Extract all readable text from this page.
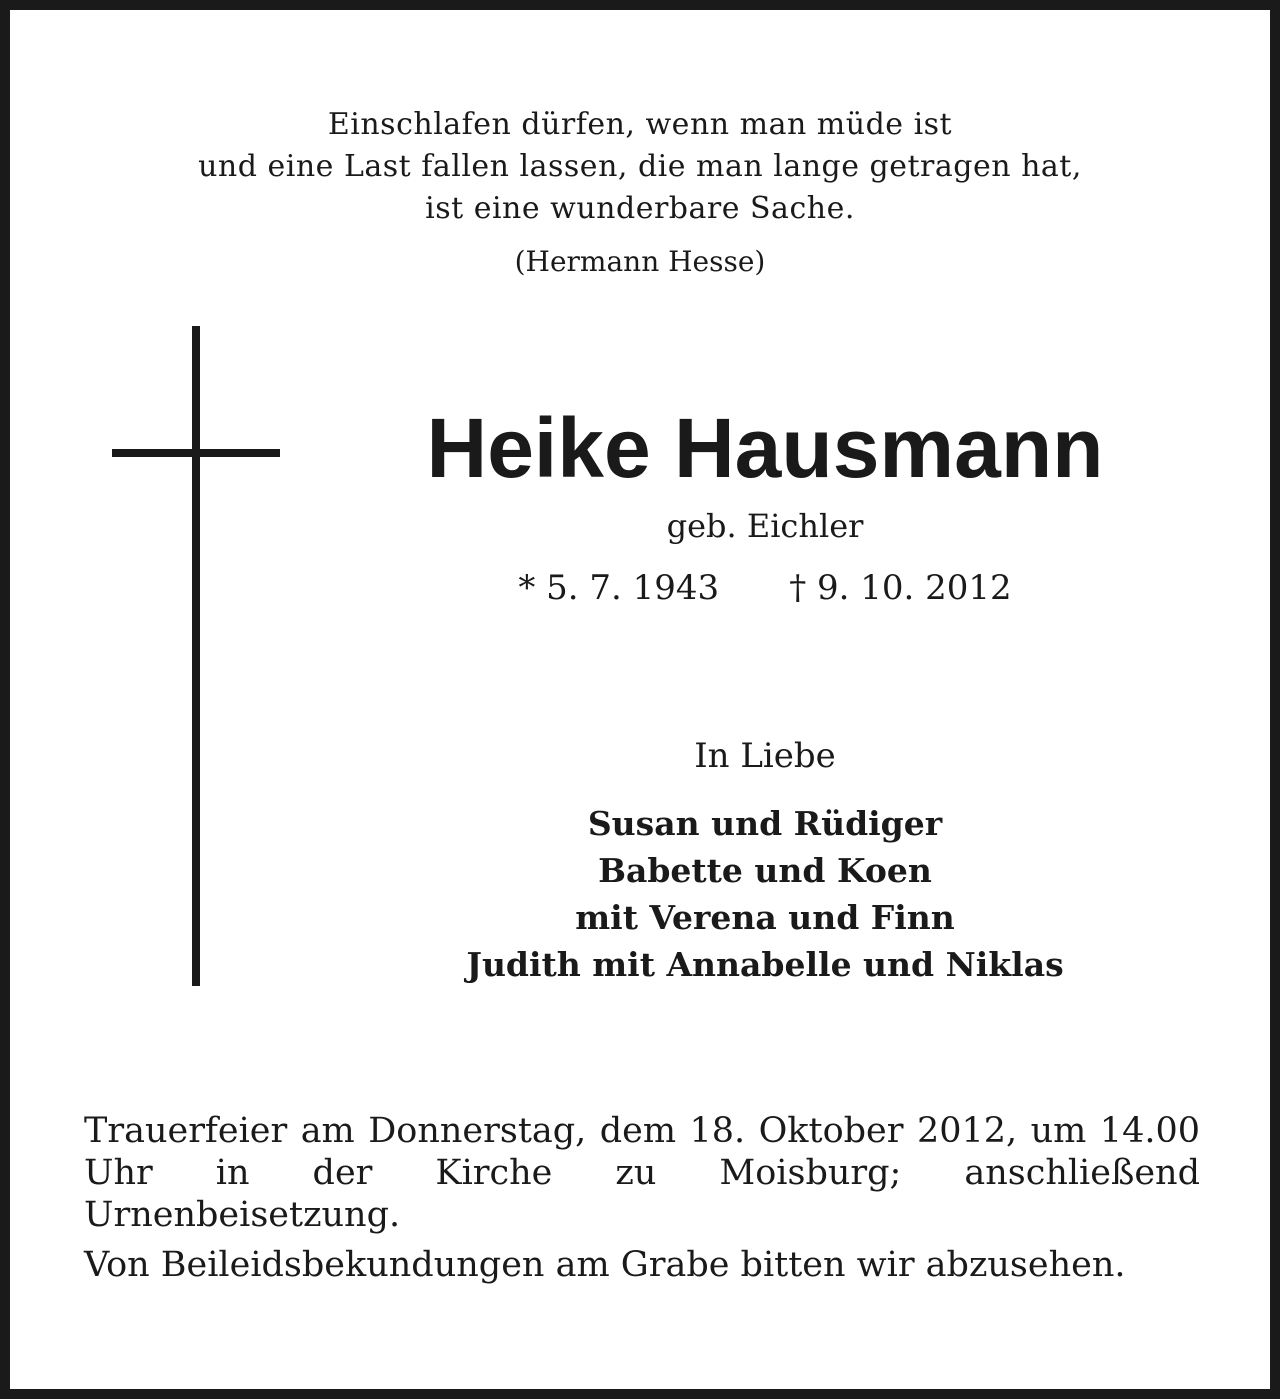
Einschlafen dürfen, wenn man müde ist
und eine Last fallen lassen, die man lange getragen hat,
ist eine wunderbare Sache.
(Hermann Hesse)
Heike Hausmann
geb. Eichler
* 5. 7. 1943 † 9. 10. 2012
In Liebe
Susan und Rüdiger
Babette und Koen
mit Verena und Finn
Judith mit Annabelle und Niklas
Trauerfeier am Donnerstag, dem 18. Oktober 2012, um 14.00 Uhr in der Kirche zu Moisburg; anschließend Urnenbeisetzung.
Von Beileidsbekundungen am Grabe bitten wir abzusehen.
